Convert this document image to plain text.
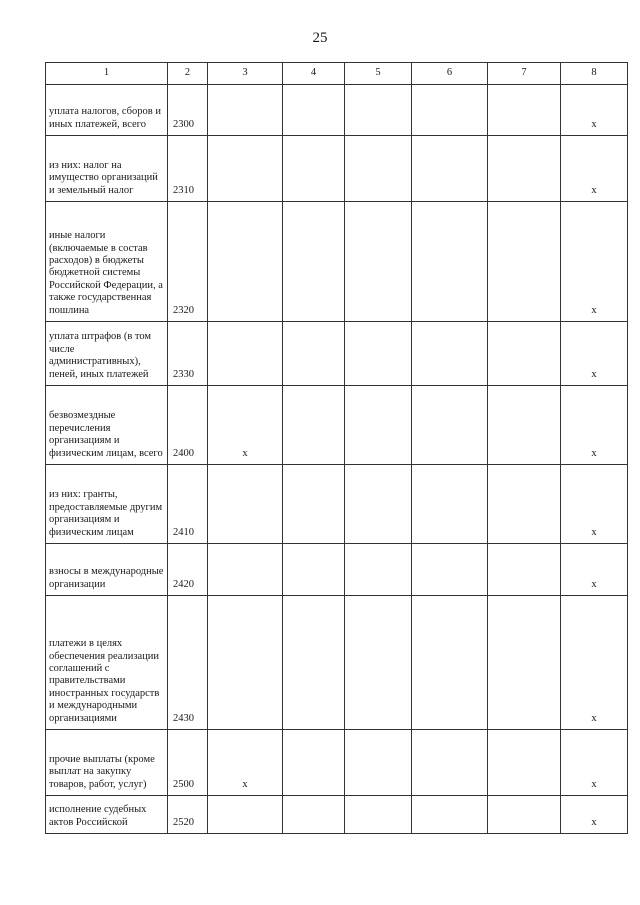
25
1	2	3	4	5	6	7	8
уплата налогов, сборов и иных платежей, всего	2300						x
из них: налог на имущество организаций и земельный налог	2310						x
иные налоги (включаемые в состав расходов) в бюджеты бюджетной системы Российской Федерации, а также государственная пошлина	2320						x
уплата штрафов (в том числе административных), пеней, иных платежей	2330						x
безвозмездные перечисления организациям и физическим лицам, всего	2400	x					x
из них: гранты, предоставляемые другим организациям и физическим лицам	2410						x
взносы в международные организации	2420						x
платежи в целях обеспечения реализации соглашений с правительствами иностранных государств и международными организациями	2430						x
прочие выплаты (кроме выплат на закупку товаров, работ, услуг)	2500	x					x
исполнение судебных актов Российской	2520						x
